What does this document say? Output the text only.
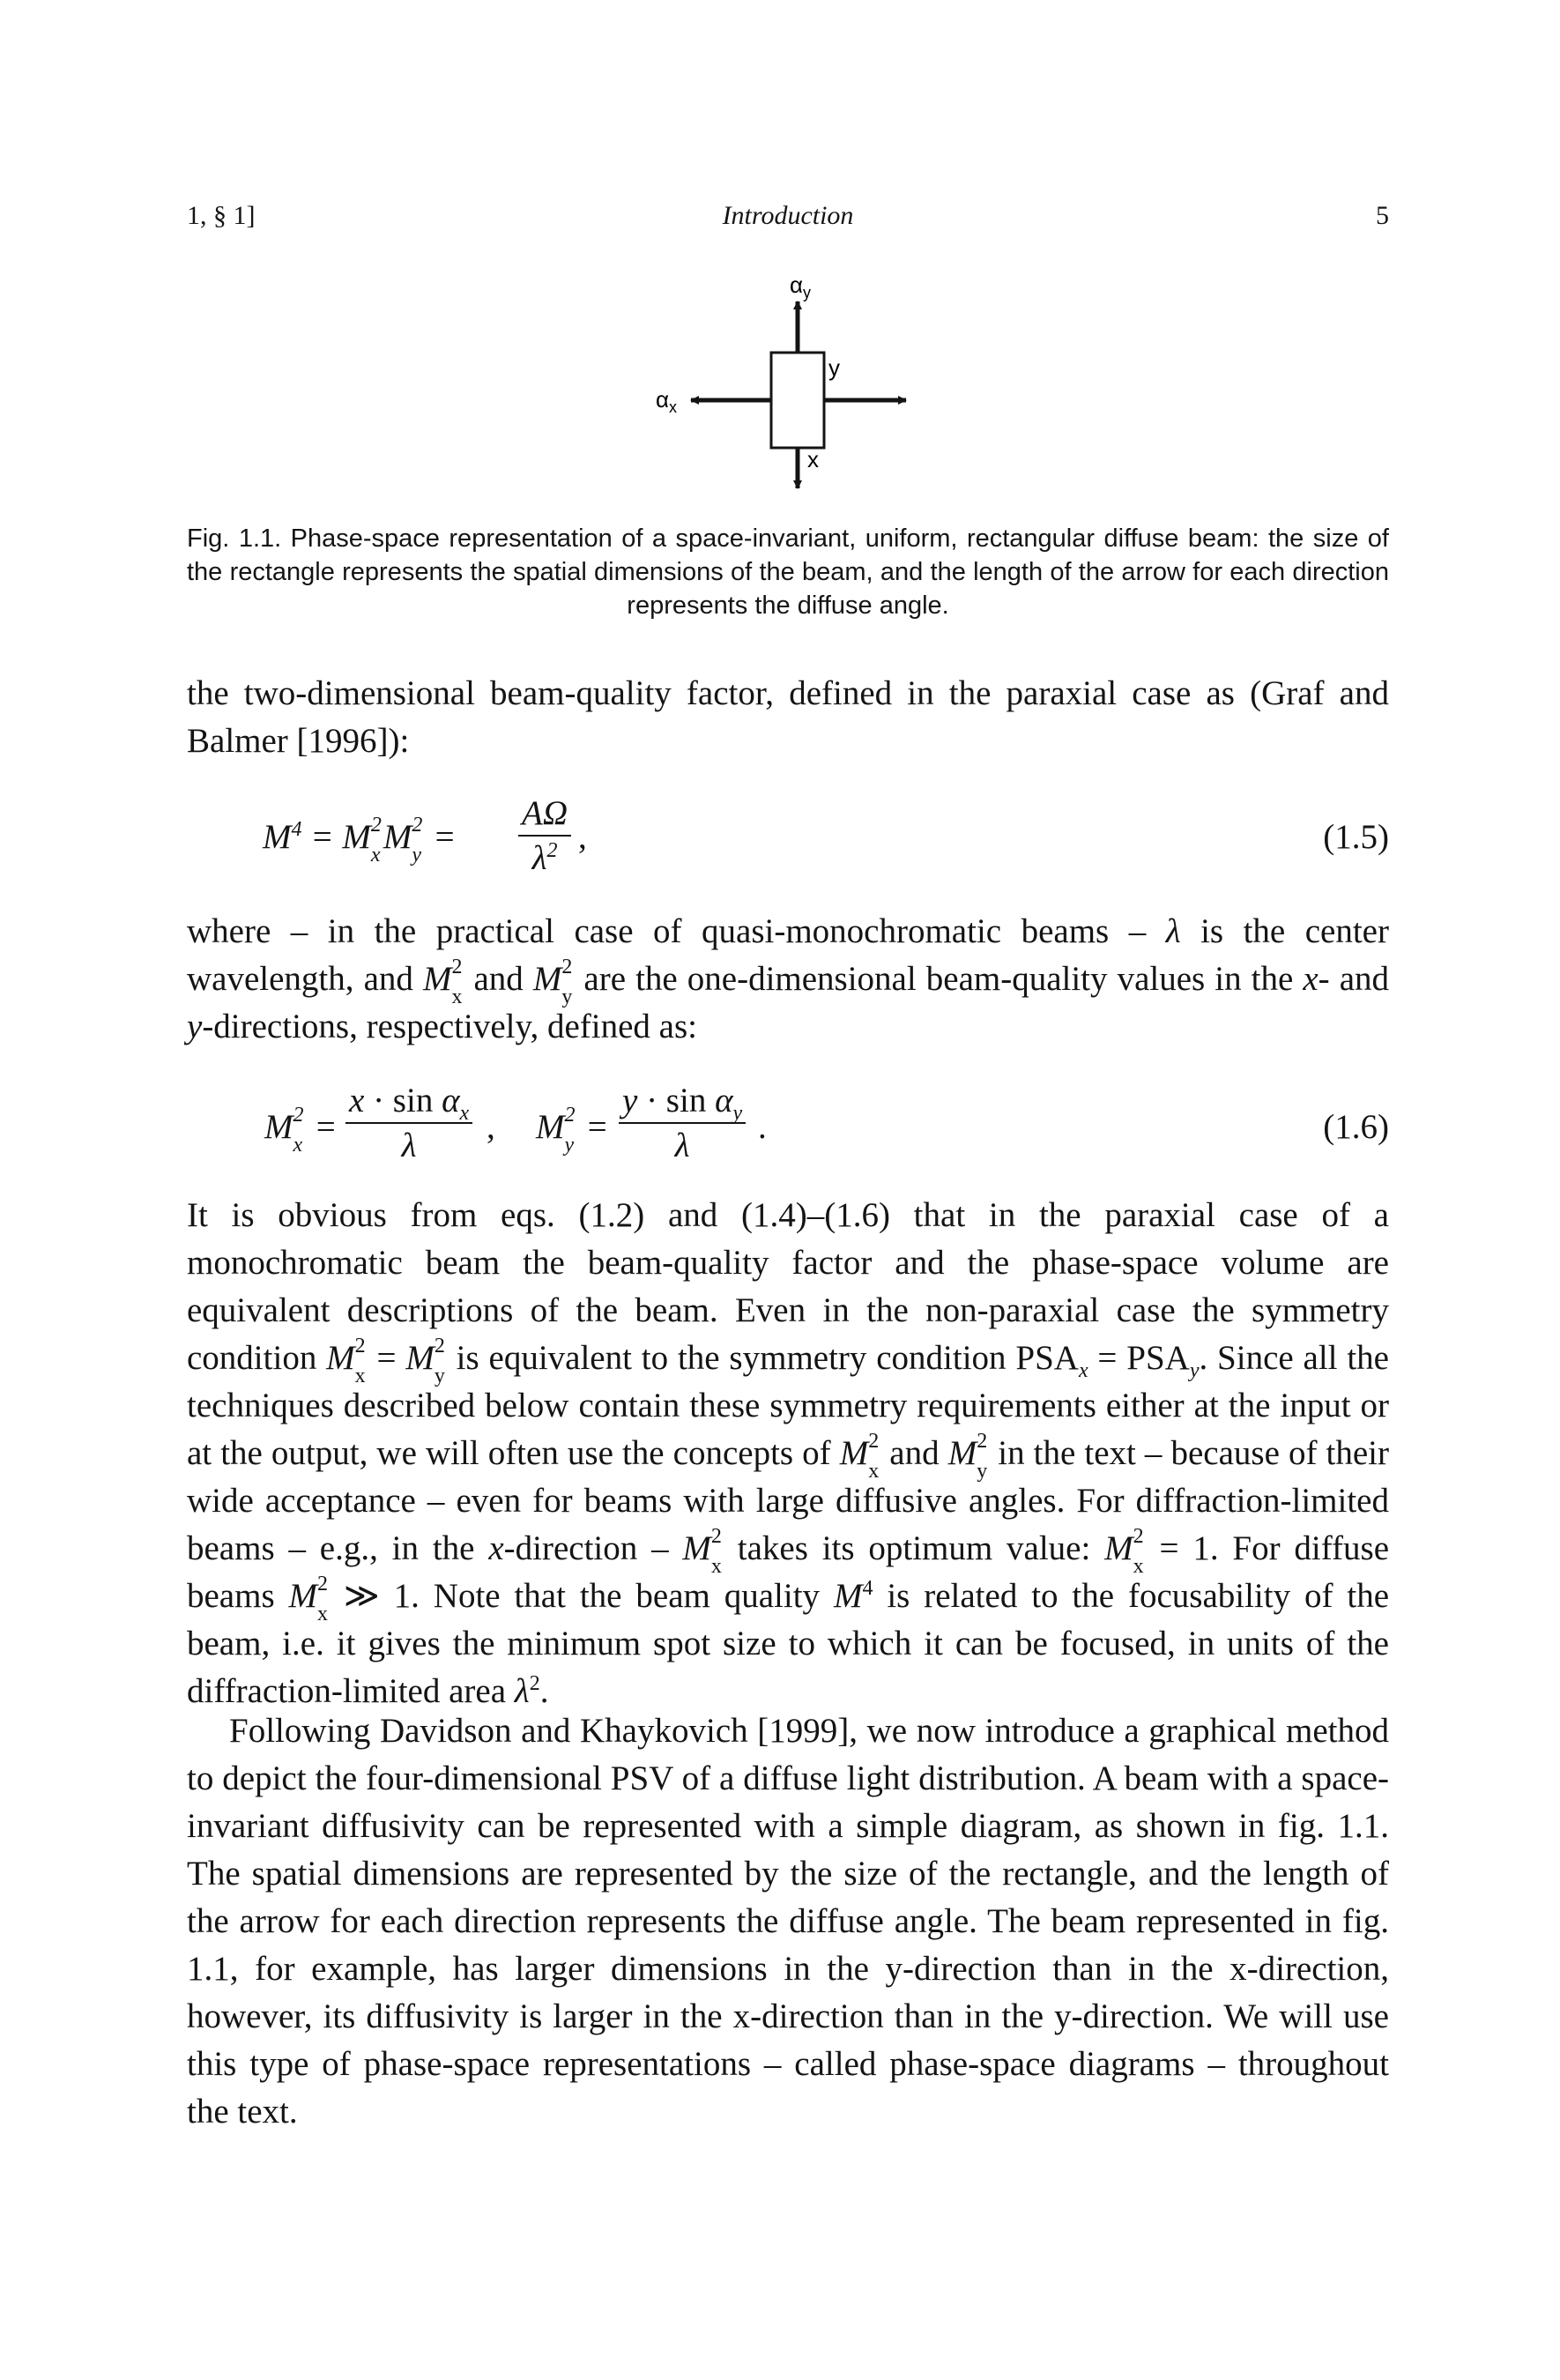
1, § 1]	Introduction	5
$\alpha_y$
$\alpha_x$
y
x
Fig. 1.1. Phase-space representation of a space-invariant, uniform, rectangular diffuse beam: the size of the rectangle represents the spatial dimensions of the beam, and the length of the arrow for each direction represents the diffuse angle.
the two-dimensional beam-quality factor, defined in the paraxial case as (Graf and Balmer [1996]):
$M^4 = M$ 2
x M 2
$y = \frac{A\Omega}{\lambda^2}$ ,	(1.5)
where – in the practical case of quasi-monochromatic beams – λ is the center wavelength, and M 2
x and M 2
y are the one-dimensional beam-quality values in the x- and y-directions, respectively, defined as:
M 2
$x = \frac{x \cdot \sin \alpha_x}{\lambda}$ , M 2
$y = \frac{y \cdot \sin \alpha_y}{\lambda}$ .	(1.6)
It is obvious from eqs. (1.2) and (1.4)–(1.6) that in the paraxial case of a monochromatic beam the beam-quality factor and the phase-space volume are equivalent descriptions of the beam. Even in the non-paraxial case the symmetry condition M 2
x = M 2
y is equivalent to the symmetry condition $PSA_x = PSA_y$. Since all the techniques described below contain these symmetry requirements either at the input or at the output, we will often use the concepts of M 2
x and M 2
y in the text – because of their wide acceptance – even for beams with large diffusive angles. For diffraction-limited beams – e.g., in the x-direction – M 2
x takes its optimum value: M 2
x = 1. For diffuse beams M 2
x ≫ 1. Note that the beam quality $M^4$ is related to the focusability of the beam, i.e. it gives the minimum spot size to which it can be focused, in units of the diffraction-limited area $\lambda^2$.
Following Davidson and Khaykovich [1999], we now introduce a graphical method to depict the four-dimensional PSV of a diffuse light distribution. A beam with a space-invariant diffusivity can be represented with a simple diagram, as shown in fig. 1.1. The spatial dimensions are represented by the size of the rectangle, and the length of the arrow for each direction represents the diffuse angle. The beam represented in fig. 1.1, for example, has larger dimensions in the y-direction than in the x-direction, however, its diffusivity is larger in the x-direction than in the y-direction. We will use this type of phase-space representations – called phase-space diagrams – throughout the text.
